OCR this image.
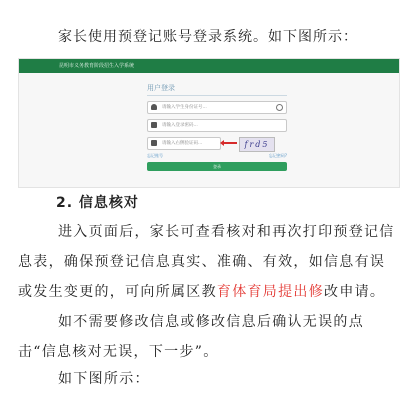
家长使用预登记账号登录系统。如下图所示：
昆明市义务教育阶段招生入学系统
用户登录
请输入学生身份证号...
请输入登录密码...
请输入右侧验证码...	frd5
忘记账号	忘记密码?
登录
2. 信息核对
进入页面后，家长可查看核对和再次打印预登记信息表，确保预登记信息真实、准确、有效，如信息有误或发生变更的，可向所属区教育体育局提出修改申请。
如不需要修改信息或修改信息后确认无误的点击“信息核对无误，下一步”。
如下图所示：
